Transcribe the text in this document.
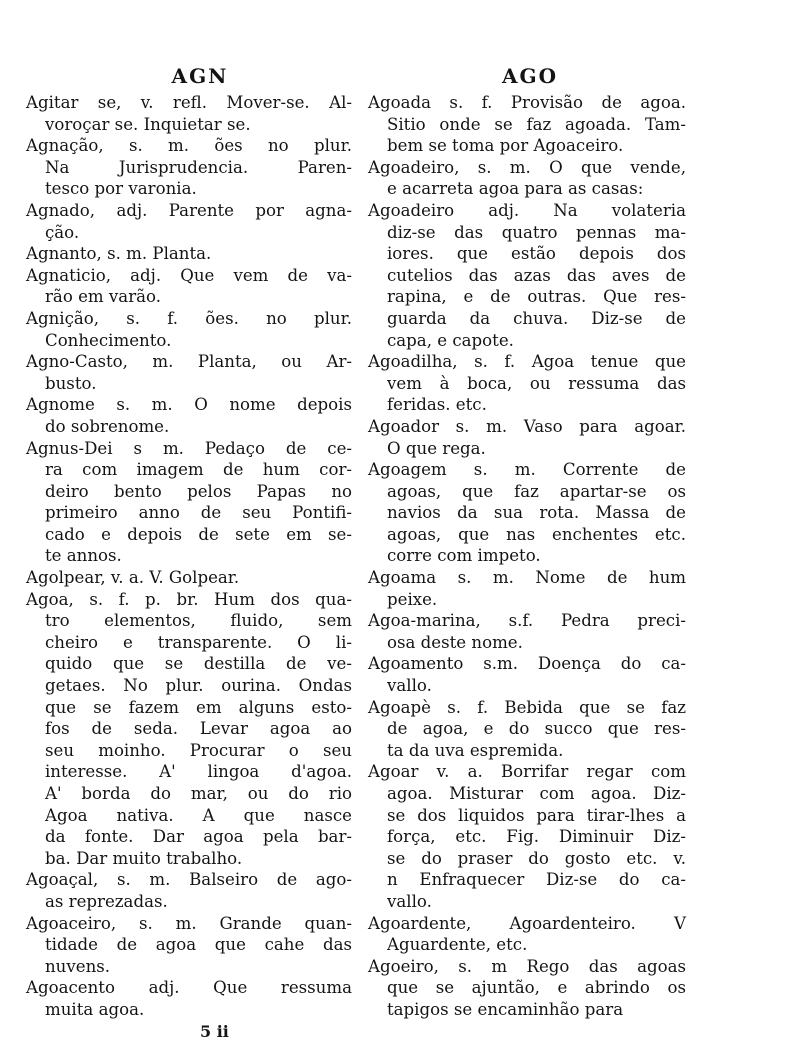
AGN	AGO
Agitar se, v. refl. Mover-se. Al-
voroçar se. Inquietar se.
Agnação, s. m. ões no plur.
Na Jurisprudencia. Paren-
tesco por varonia.
Agnado, adj. Parente por agna-
ção.
Agnanto, s. m. Planta.
Agnaticio, adj. Que vem de va-
rão em varão.
Agnição, s. f. ões. no plur.
Conhecimento.
Agno-Casto, m. Planta, ou Ar-
busto.
Agnome s. m. O nome depois
do sobrenome.
Agnus-Dei s m. Pedaço de ce-
ra com imagem de hum cor-
deiro bento pelos Papas no
primeiro anno de seu Pontifi-
cado e depois de sete em se-
te annos.
Agolpear, v. a. V. Golpear.
Agoa, s. f. p. br. Hum dos qua-
tro elementos, fluido, sem
cheiro e transparente. O li-
quido que se destilla de ve-
getaes. No plur. ourina. Ondas
que se fazem em alguns esto-
fos de seda. Levar agoa ao
seu moinho. Procurar o seu
interesse. A' lingoa d'agoa.
A' borda do mar, ou do rio
Agoa nativa. A que nasce
da fonte. Dar agoa pela bar-
ba. Dar muito trabalho.
Agoaçal, s. m. Balseiro de ago-
as reprezadas.
Agoaceiro, s. m. Grande quan-
tidade de agoa que cahe das
nuvens.
Agoacento adj. Que ressuma
muita agoa.
Agoada s. f. Provisão de agoa.
Sitio onde se faz agoada. Tam-
bem se toma por Agoaceiro.
Agoadeiro, s. m. O que vende,
e acarreta agoa para as casas:
Agoadeiro adj. Na volateria
diz-se das quatro pennas ma-
iores. que estão depois dos
cutelios das azas das aves de
rapina, e de outras. Que res-
guarda da chuva. Diz-se de
capa, e capote.
Agoadilha, s. f. Agoa tenue que
vem à boca, ou ressuma das
feridas. etc.
Agoador s. m. Vaso para agoar.
O que rega.
Agoagem s. m. Corrente de
agoas, que faz apartar-se os
navios da sua rota. Massa de
agoas, que nas enchentes etc.
corre com impeto.
Agoama s. m. Nome de hum
peixe.
Agoa-marina, s.f. Pedra preci-
osa deste nome.
Agoamento s.m. Doença do ca-
vallo.
Agoapè s. f. Bebida que se faz
de agoa, e do succo que res-
ta da uva espremida.
Agoar v. a. Borrifar regar com
agoa. Misturar com agoa. Diz-
se dos liquidos para tirar-lhes a
força, etc. Fig. Diminuir Diz-
se do praser do gosto etc. v.
n Enfraquecer Diz-se do ca-
vallo.
Agoardente, Agoardenteiro. V
Aguardente, etc.
Agoeiro, s. m Rego das agoas
que se ajuntão, e abrindo os
tapigos se encaminhão para
5 ii
